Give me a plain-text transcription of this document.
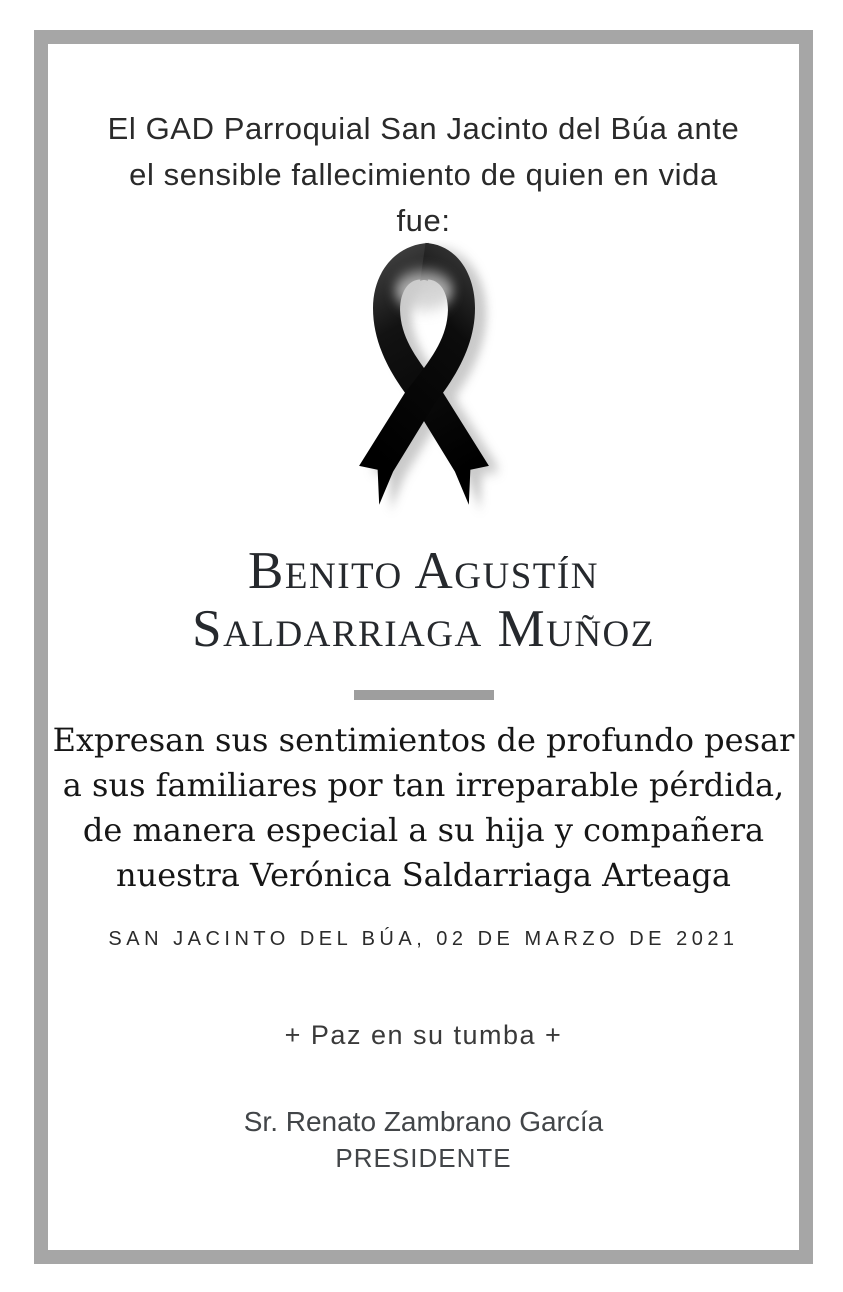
El GAD Parroquial San Jacinto del Búa ante
el sensible fallecimiento de quien en vida
fue:
Benito Agustín
Saldarriaga Muñoz
Expresan sus sentimientos de profundo pesar
a sus familiares por tan irreparable pérdida,
de manera especial a su hija y compañera
nuestra Verónica Saldarriaga Arteaga
SAN JACINTO DEL BÚA, 02 DE MARZO DE 2021
+ Paz en su tumba +
Sr. Renato Zambrano García
PRESIDENTE
